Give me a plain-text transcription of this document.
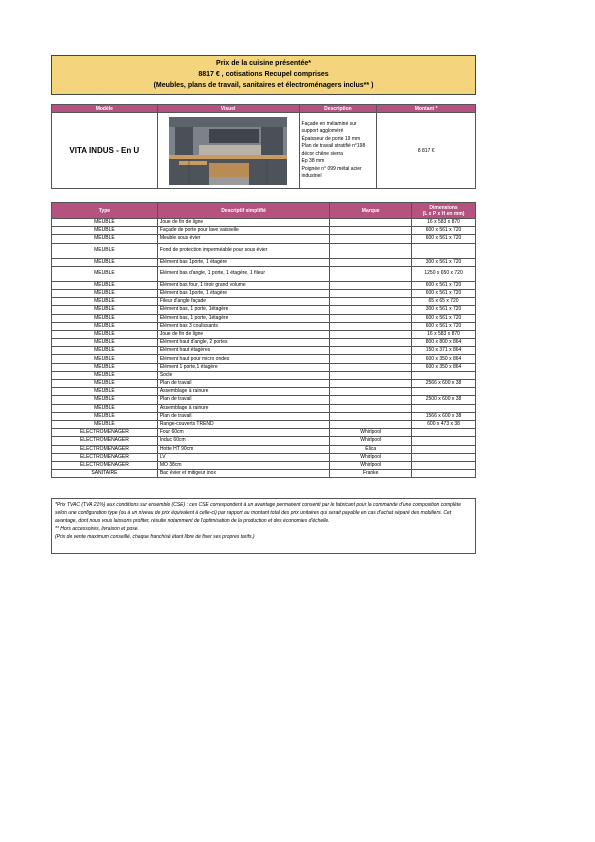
Prix de la cuisine présentée*
8817 € , cotisations Recupel comprises
(Meubles, plans de travail, sanitaires et électroménagers inclus** )
Modèle	Visuel	Description	Montant *
VITA INDUS - En U		Façade en mélaminé sur support aggloméré
Épaisseur de porte 19 mm
Plan de travail stratifié n°198 décor chêne sierra
Ep 38 mm
Poignée n° 099 métal acier industriel	8 817 €
Type	Descriptif simplifié	Marque	Dimensions
(L x P x H en mm)

MEUBLE	Joue de fin de ligne		16 x 583 x 870
MEUBLE	Façade de porte pour lave vaisselle		600 x 561 x 720
MEUBLE	Meuble sous évier		600 x 561 x 720
MEUBLE	Fond de protection imperméable pour sous évier		
MEUBLE	Elément bas 1porte, 1 étagère		300 x 561 x 720
MEUBLE	Elément bas d'angle, 1 porte, 1 étagère, 1 fileur		1250 x 650 x 720
MEUBLE	Elément bas four, 1 tiroir grand volume		600 x 561 x 720
MEUBLE	Elément bas 1porte, 1 étagère		600 x 561 x 720
MEUBLE	Fileur d'angle façade		65 x 65 x 720
MEUBLE	Elément bas, 1 porte, 1étagère		300 x 561 x 720
MEUBLE	Elément bas, 1 porte, 1étagère		600 x 561 x 720
MEUBLE	Elément bas 3 coulissants		600 x 561 x 720
MEUBLE	Joue de fin de ligne		16 x 583 x 870
MEUBLE	Elément haut d'angle, 2 portes		800 x 800 x 864
MEUBLE	Elément haut étagères		150 x 371 x 864
MEUBLE	Elément haut pour micro ondes		600 x 350 x 864
MEUBLE	Elément 1 porte,1 étagère		600 x 350 x 864
MEUBLE	Socle		
MEUBLE	Plan de travail		2566 x 600 x 38
MEUBLE	Assemblage à rainure		
MEUBLE	Plan de travail		2500 x 600 x 38
MEUBLE	Assemblage à rainure		
MEUBLE	Plan de travail		1566 x 600 x 38
MEUBLE	Range-couverts TREND		600 x 473 x 38
ELECTROMENAGER	Four 60cm	Whirlpool	
ELECTROMENAGER	Induc 60cm	Whirlpool	
ELECTROMENAGER	Hotte HT 90cm	Elica	
ELECTROMENAGER	LV	Whirlpool	
ELECTROMENAGER	MO 38cm	Whirlpool	
SANITAIRE	Bac évier et mitigeur inox	Franke	

*Prix TVAC (TVA 21%) aux conditions sur ensemble (CSE) : ces CSE correspondent à un avantage permanent consenti par le fabricant pour la commande d'une composition complète selon une configuration type (ou à un niveau de prix équivalent à celle-ci) par rapport au montant total des prix unitaires qui serait payable en cas d'achat séparé des mobiliers. Cet avantage, dont nous vous laissons profiter, résulte notamment de l'optimisation de la production et des économies d'échelle.

** Hors accessoires, livraison et pose.

(Prix de vente maximum conseillé, chaque franchisé étant libre de fixer ses propres tarifs.)
